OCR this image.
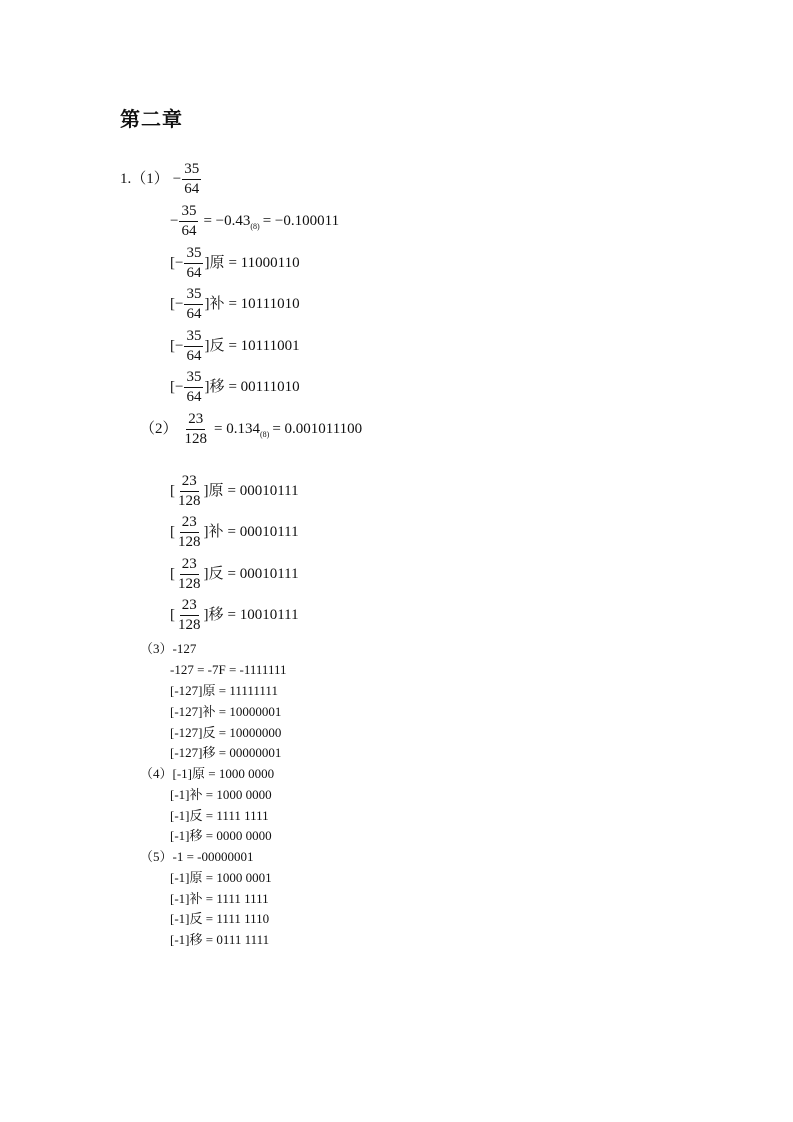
第二章
$1.(1) - \frac{35}{64}$
− $\frac{35}{64} = -0.43$ (8) = −0.100011
[− $\frac{35}{64}$ ]原 = 11000110
[− $\frac{35}{64}$ ]补 = 10111010
[− $\frac{35}{64}$ ]反 = 10111001
[− $\frac{35}{64}$ ]移 = 00111010
$(2) \frac{23}{128} = 0.134$ (8) = 0.001011100
[ $\frac{23}{128}$ ]原 = 00010111
[ $\frac{23}{128}$ ]补 = 00010111
[ $\frac{23}{128}$ ]反 = 00010111
[ $\frac{23}{128}$ ]移 = 10010111
（3）-127
-127 = -7F = -1111111
[-127]原 = 11111111
[-127]补 = 10000001
[-127]反 = 10000000
[-127]移 = 00000001
（4）[-1]原 = 1000 0000
[-1]补 = 1000 0000
[-1]反 = 1111 1111
[-1]移 = 0000 0000
（5）-1 = -00000001
[-1]原 = 1000 0001
[-1]补 = 1111 1111
[-1]反 = 1111 1110
[-1]移 = 0111 1111
